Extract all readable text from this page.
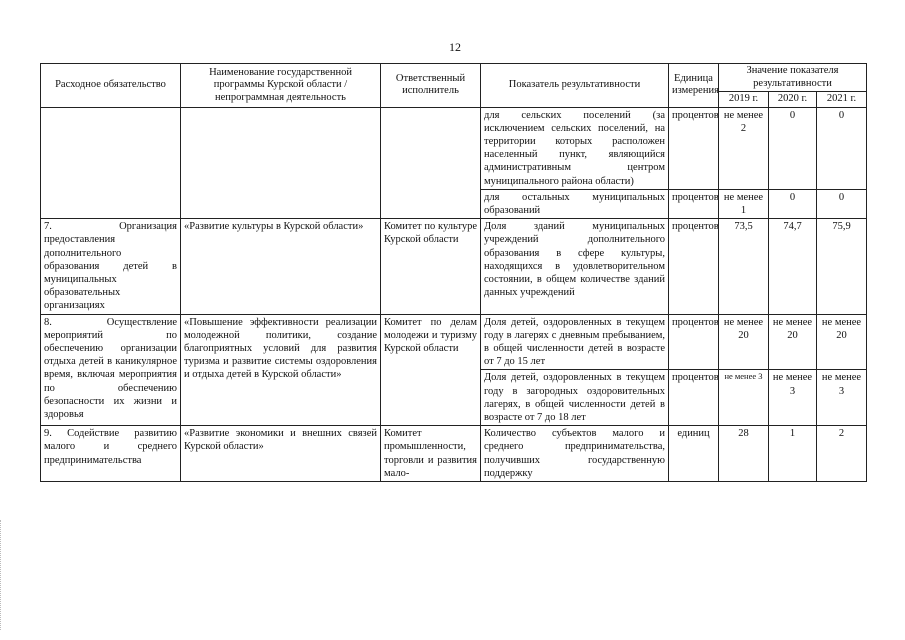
12
Расходное обязательство	Наименование государственной программы Курской области / непрограммная деятельность	Ответственный исполнитель	Показатель результативности	Единица измерения	Значение показателя результативности		
					2019 г.	2020 г.	2021 г.
			для сельских поселений (за исключением сельских поселений, на территории которых расположен населенный пункт, являющийся административным центром муниципального района области)	процентов	не менее 2	0	0
			для остальных муниципальных образований	процентов	не менее 1	0	0
7. Организация предоставления дополнительного образования детей в муниципальных образовательных организациях	«Развитие культуры в Курской области»	Комитет по культуре Курской области	Доля зданий муниципальных учреждений дополнительного образования в сфере культуры, находящихся в удовлетворительном состоянии, в общем количестве зданий данных учреждений	процентов	73,5	74,7	75,9
8. Осуществление мероприятий по обеспечению организации отдыха детей в каникулярное время, включая мероприятия по обеспечению безопасности их жизни и здоровья	«Повышение эффективности реализации молодежной политики, создание благоприятных условий для развития туризма и развитие системы оздоровления и отдыха детей в Курской области»	Комитет по делам молодежи и туризму Курской области	Доля детей, оздоровленных в текущем году в лагерях с дневным пребыванием, в общей численности детей в возрасте от 7 до 15 лет	процентов	не менее 20	не менее 20	не менее 20
			Доля детей, оздоровленных в текущем году в загородных оздоровительных лагерях, в общей численности детей в возрасте от 7 до 18 лет	процентов	не менее 3	не менее 3	не менее 3
9. Содействие развитию малого и среднего предпринимательства	«Развитие экономики и внешних связей Курской области»	Комитет промышленности, торговли и развития мало-	Количество субъектов малого и среднего предпринимательства, получивших государственную поддержку	единиц	28	1	2
